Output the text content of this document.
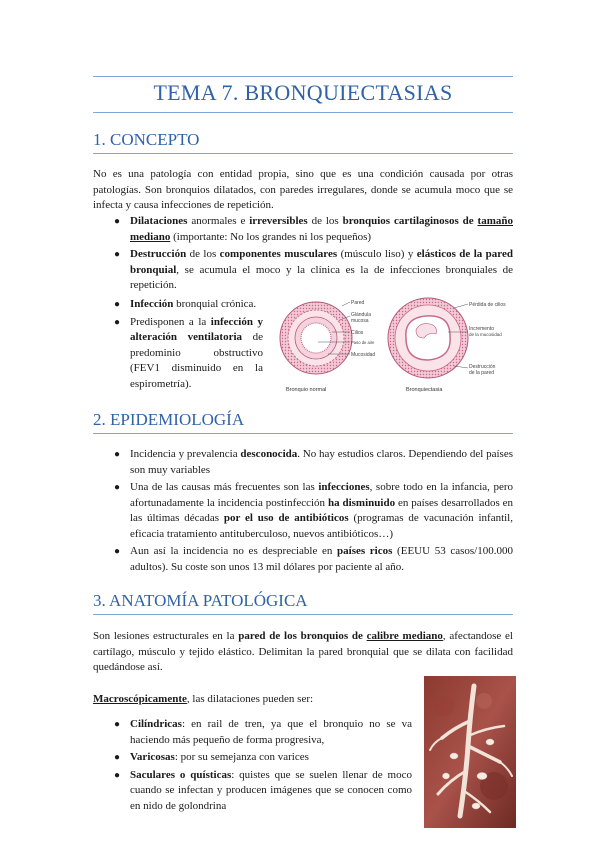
TEMA 7. BRONQUIECTASIAS
1. CONCEPTO
No es una patología con entidad propia, sino que es una condición causada por otras patologías. Son bronquios dilatados, con paredes irregulares, donde se acumula moco que se infecta y causa infecciones de repetición.
● Dilataciones anormales e irreversibles de los bronquios cartilaginosos de tamaño mediano (importante: No los grandes ni los pequeños)
● Destrucción de los componentes musculares (músculo liso) y elásticos de la pared bronquial, se acumula el moco y la clínica es la de infecciones bronquiales de repetición.
● Infección bronquial crónica.
● Predisponen a la infección y alteración ventilatoria de predominio obstructivo (FEV1 disminuido en la espirometría).
Pared
Glándula
mucosa
Cilios
Paso de aire
Mucosidad
Bronquio normal
Pérdida de cilios
Incremento
de la mucosidad
Destrucción
de la pared
Bronquiectasia
2. EPIDEMIOLOGÍA
● Incidencia y prevalencia desconocida. No hay estudios claros. Dependiendo del países son muy variables
● Una de las causas más frecuentes son las infecciones, sobre todo en la infancia, pero afortunadamente la incidencia postinfección ha disminuido en países desarrollados en las últimas décadas por el uso de antibióticos (programas de vacunación infantil, eficacia tratamiento antituberculoso, nuevos antibióticos…)
● Aun así la incidencia no es despreciable en países ricos (EEUU 53 casos/100.000 adultos). Su coste son unos 13 mil dólares por paciente al año.
3. ANATOMÍA PATOLÓGICA
Son lesiones estructurales en la pared de los bronquios de calibre mediano, afectandose el cartílago, músculo y tejido elástico. Delimitan la pared bronquial que se dilata con facilidad quedándose así.
Macroscópicamente, las dilataciones pueden ser:
● Cilíndricas: en rail de tren, ya que el bronquio no se va haciendo más pequeño de forma progresiva,
● Varicosas: por su semejanza con varices
● Saculares o quísticas: quistes que se suelen llenar de moco cuando se infectan y producen imágenes que se conocen como en nido de golondrina
